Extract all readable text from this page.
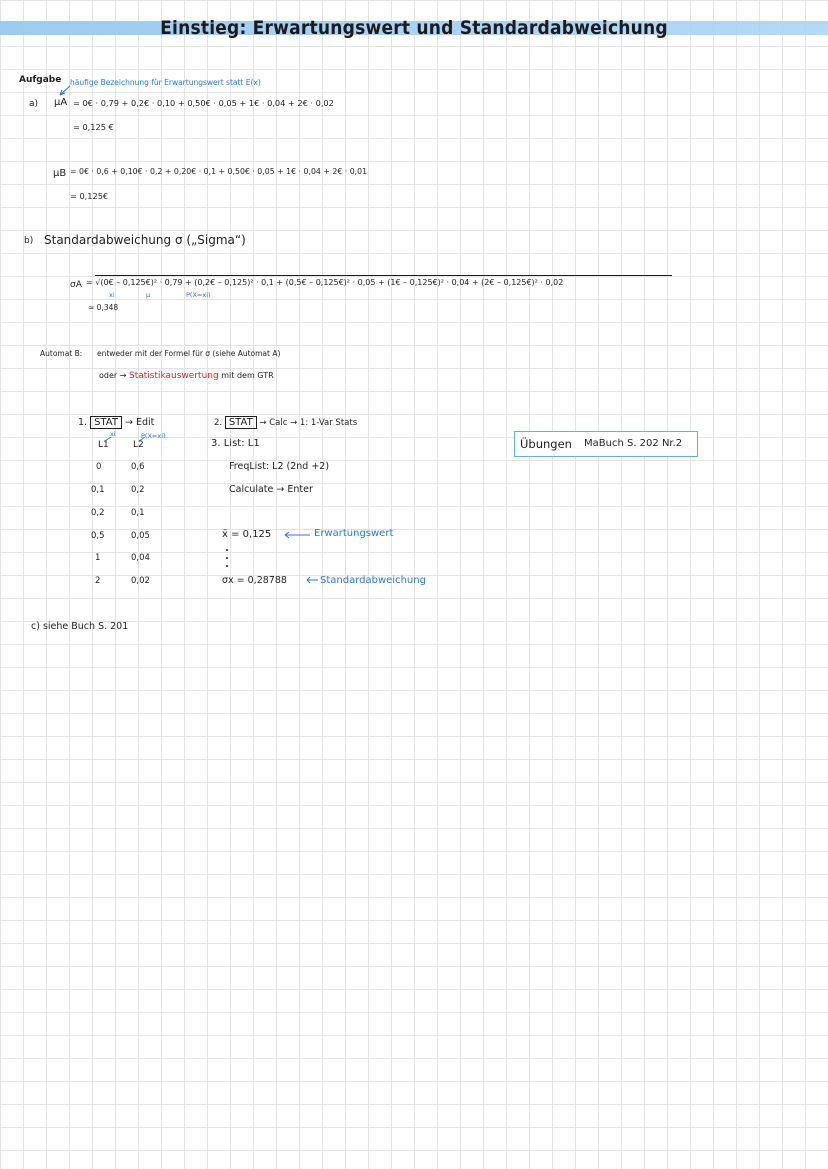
Einstieg: Erwartungswert und Standardabweichung
Aufgabe häufige Bezeichnung für Erwartungswert statt E(x)
a) μA = 0€ · 0,79 + 0,2€ · 0,10 + 0,50€ · 0,05 + 1€ · 0,04 + 2€ · 0,02
= 0,125 €
μB = 0€ · 0,6 + 0,10€ · 0,2 + 0,20€ · 0,1 + 0,50€ · 0,05 + 1€ · 0,04 + 2€ · 0,01
= 0,125€
b) Standardabweichung σ („Sigma“)
σA = √(0€ – 0,125€)² · 0,79 + (0,2€ – 0,125)² · 0,1 + (0,5€ – 0,125€)² · 0,05 + (1€ – 0,125€)² · 0,04 + (2€ – 0,125€)² · 0,02
xi	μ	P(X=xi)
≈ 0,348
Automat B: entweder mit der Formel für σ (siehe Automat A)
oder → Statistikauswertung mit dem GTR
1. STAT → Edit
xi	P(X=xi)
L1	L2
0	0,6
0,1	0,2
0,2	0,1
0,5	0,05
1	0,04
2	0,02
2. STAT → Calc → 1: 1-Var Stats
3. List: L1
FreqList: L2 (2nd +2)
Calculate → Enter
x̄ = 0,125	Erwartungswert
σx = 0,28788	Standardabweichung
Übungen MaBuch S. 202 Nr.2
c) siehe Buch S. 201
